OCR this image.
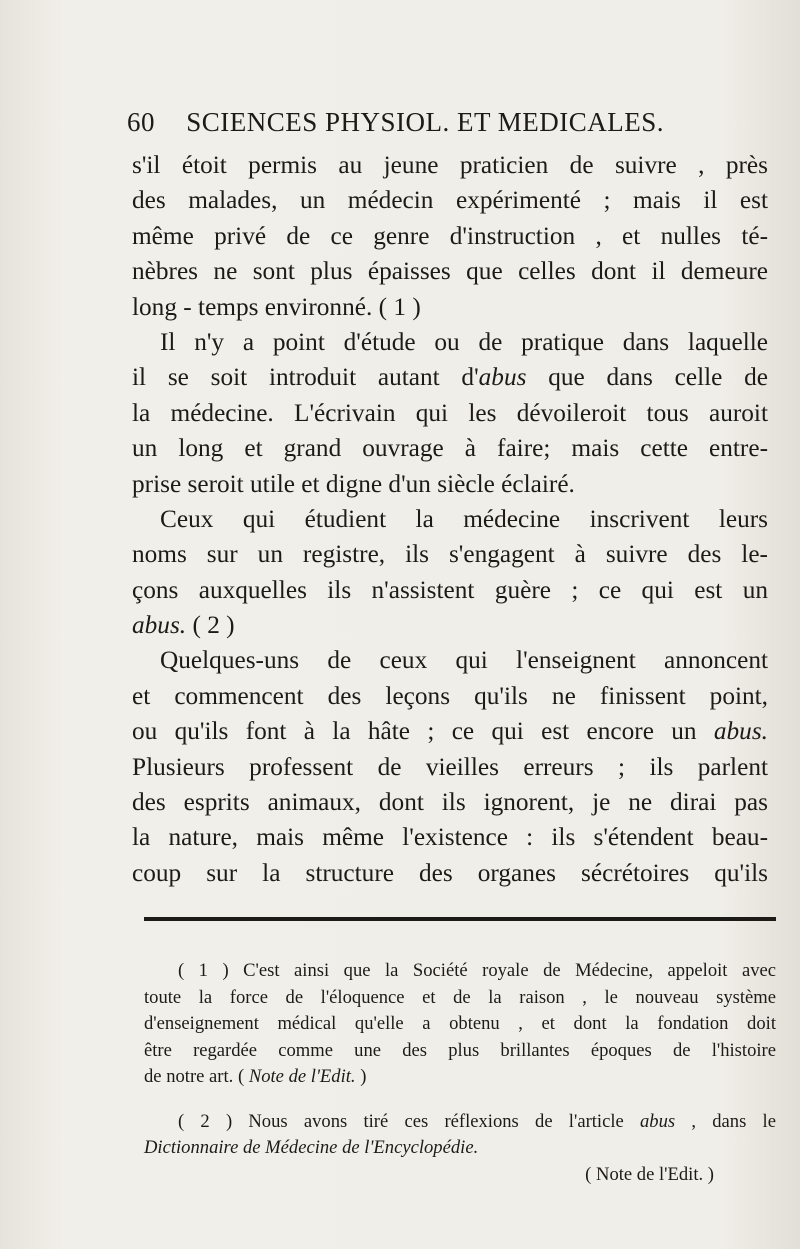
60 SCIENCES PHYSIOL. ET MEDICALES.
s'il étoit permis au jeune praticien de suivre , près
des malades, un médecin expérimenté ; mais il est
même privé de ce genre d'instruction , et nulles té-
nèbres ne sont plus épaisses que celles dont il demeure
long - temps environné. ( 1 )
Il n'y a point d'étude ou de pratique dans laquelle
il se soit introduit autant d'abus que dans celle de
la médecine. L'écrivain qui les dévoileroit tous auroit
un long et grand ouvrage à faire; mais cette entre-
prise seroit utile et digne d'un siècle éclairé.
Ceux qui étudient la médecine inscrivent leurs
noms sur un registre, ils s'engagent à suivre des le-
çons auxquelles ils n'assistent guère ; ce qui est un
abus. ( 2 )
Quelques-uns de ceux qui l'enseignent annoncent
et commencent des leçons qu'ils ne finissent point,
ou qu'ils font à la hâte ; ce qui est encore un abus.
Plusieurs professent de vieilles erreurs ; ils parlent
des esprits animaux, dont ils ignorent, je ne dirai pas
la nature, mais même l'existence : ils s'étendent beau-
coup sur la structure des organes sécrétoires qu'ils
( 1 ) C'est ainsi que la Société royale de Médecine, appeloit avec
toute la force de l'éloquence et de la raison , le nouveau système
d'enseignement médical qu'elle a obtenu , et dont la fondation doit
être regardée comme une des plus brillantes époques de l'histoire
de notre art. ( Note de l'Edit. )
( 2 ) Nous avons tiré ces réflexions de l'article abus , dans le
Dictionnaire de Médecine de l'Encyclopédie.
( Note de l'Edit. )
